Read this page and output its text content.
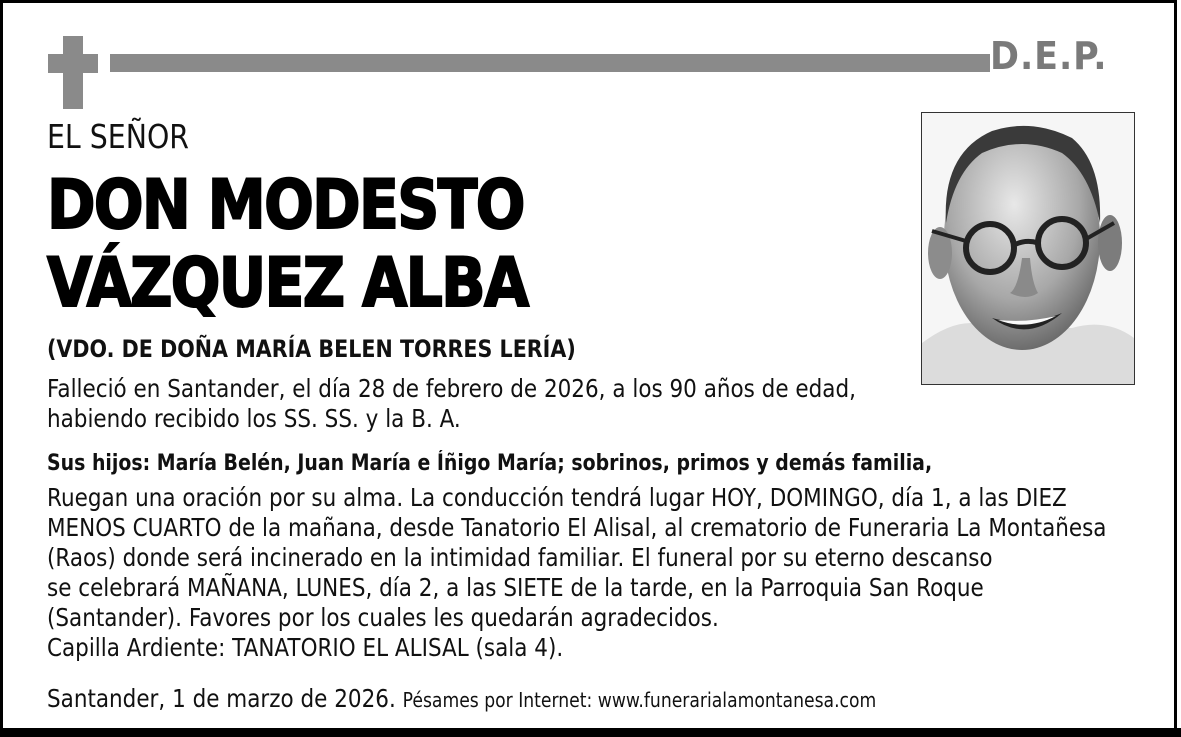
D.E.P.
EL SEÑOR
DON MODESTO
VÁZQUEZ ALBA
(VDO. DE DOÑA MARÍA BELEN TORRES LERÍA)
Falleció en Santander, el día 28 de febrero de 2026, a los 90 años de edad,
habiendo recibido los SS. SS. y la B. A.
Sus hijos: María Belén, Juan María e Íñigo María; sobrinos, primos y demás familia,
Ruegan una oración por su alma. La conducción tendrá lugar HOY, DOMINGO, día 1, a las DIEZ
MENOS CUARTO de la mañana, desde Tanatorio El Alisal, al crematorio de Funeraria La Montañesa
(Raos) donde será incinerado en la intimidad familiar. El funeral por su eterno descanso
se celebrará MAÑANA, LUNES, día 2, a las SIETE de la tarde, en la Parroquia San Roque
(Santander). Favores por los cuales les quedarán agradecidos.
Capilla Ardiente: TANATORIO EL ALISAL (sala 4).
Santander, 1 de marzo de 2026. Pésames por Internet: www.funerarialamontanesa.com
